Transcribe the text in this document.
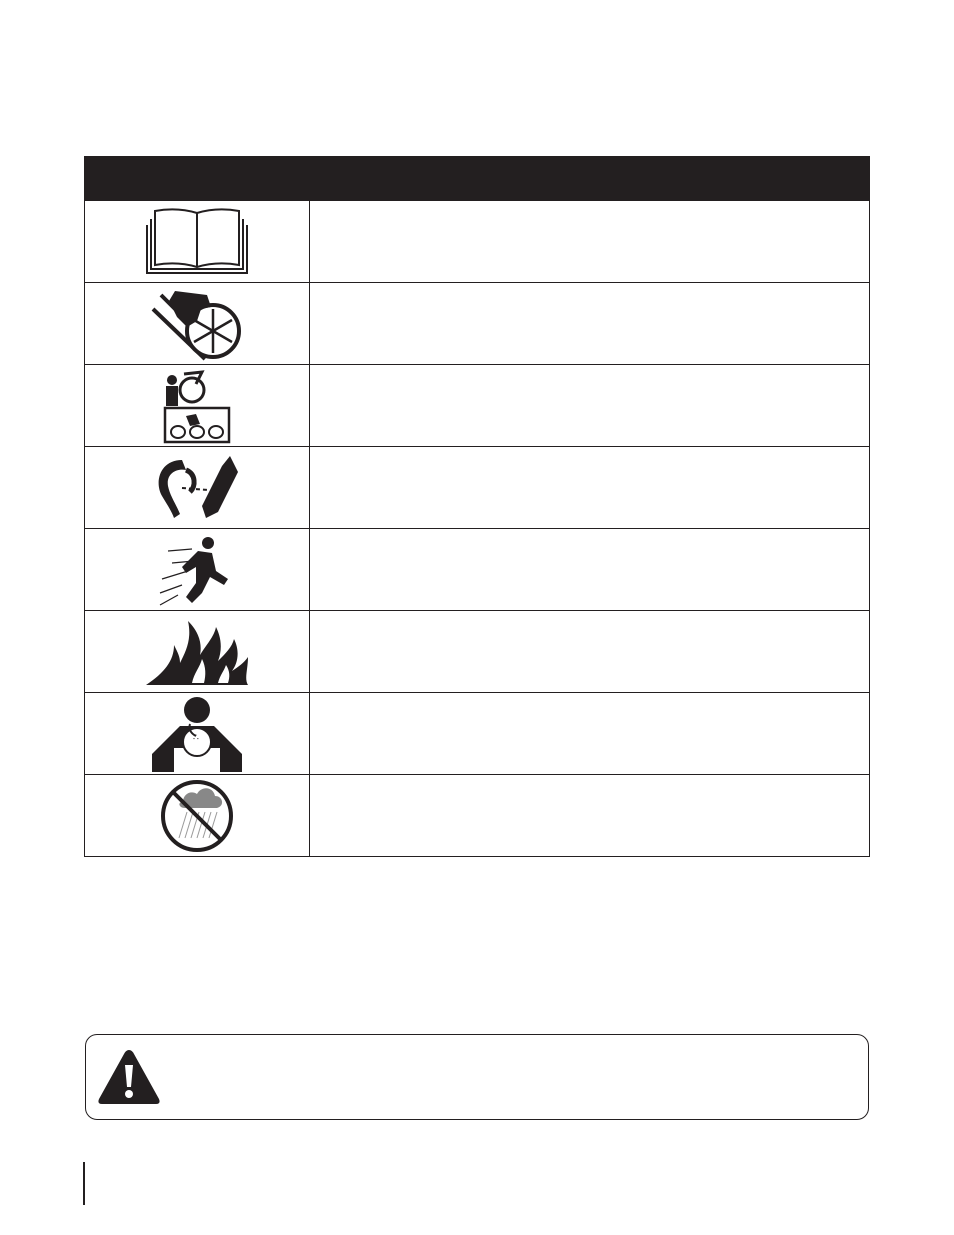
∴	
